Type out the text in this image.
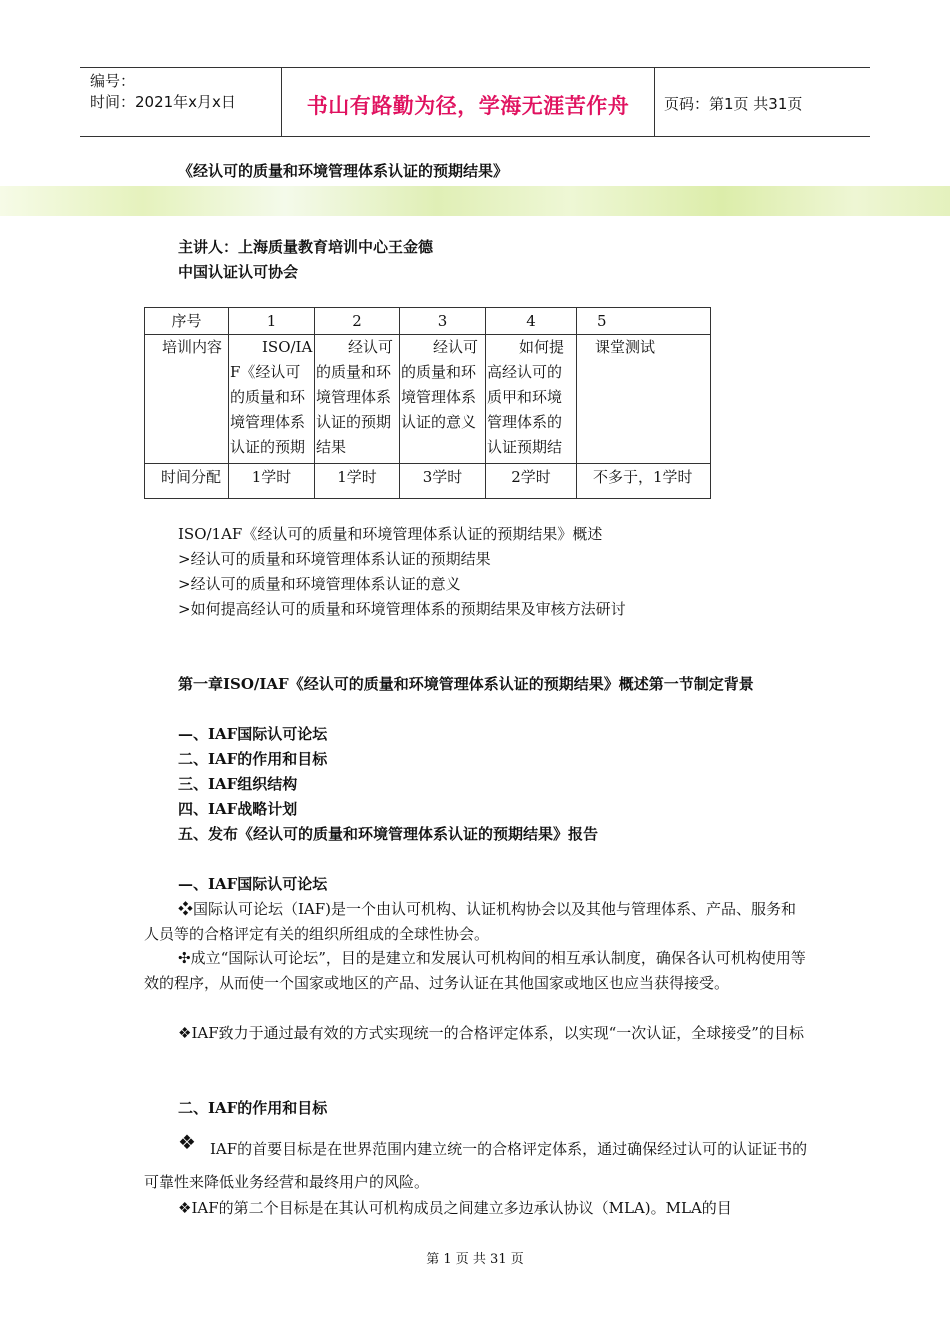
编号：
时间：2021年x月x日	书山有路勤为径，学海无涯苦作舟	页码：第1页 共31页
《经认可的质量和环境管理体系认证的预期结果》
主讲人：上海质量教育培训中心王金德
中国认证认可协会
序号	1	2	3	4	5
培训内容	ISO/IAF《经认可的质量和环境管理体系认证的预期	经认可的质量和环境管理体系认证的预期结果	经认可的质量和环境管理体系认证的意义	如何提高经认可的质甲和环境管理体系的认证预期结	课堂测试

时间分配	1学时	1学时	3学时	2学时	不多于，1学时
ISO/1AF《经认可的质量和环境管理体系认证的预期结果》概述
>经认可的质量和环境管理体系认证的预期结果
>经认可的质量和环境管理体系认证的意义
>如何提高经认可的质量和环境管理体系的预期结果及审核方法研讨
第一章ISO/IAF《经认可的质量和环境管理体系认证的预期结果》概述第一节制定背景
—、IAF国际认可论坛
二、IAF的作用和目标
三、IAF组织结构
四、IAF战略计划
五、发布《经认可的质量和环境管理体系认证的预期结果》报告
—、IAF国际认可论坛
❖国际认可论坛（IAF)是一个由认可机构、认证机构协会以及其他与管理体系、产品、服务和人员等的合格评定有关的组织所组成的全球性协会。
✣成立“国际认可论坛”，目的是建立和发展认可机构间的相互承认制度，确保各认可机构使用等效的程序，从而使一个国家或地区的产品、过务认证在其他国家或地区也应当获得接受。
❖IAF致力于通过最有效的方式实现统一的合格评定体系，以实现“一次认证，全球接受”的目标
二、IAF的作用和目标
❖ IAF的首要目标是在世界范围内建立统一的合格评定体系，通过确保经过认可的认证证书的可靠性来降低业务经营和最终用户的风险。
❖IAF的第二个目标是在其认可机构成员之间建立多边承认协议（MLA)。MLA的目
第 1 页 共 31 页
